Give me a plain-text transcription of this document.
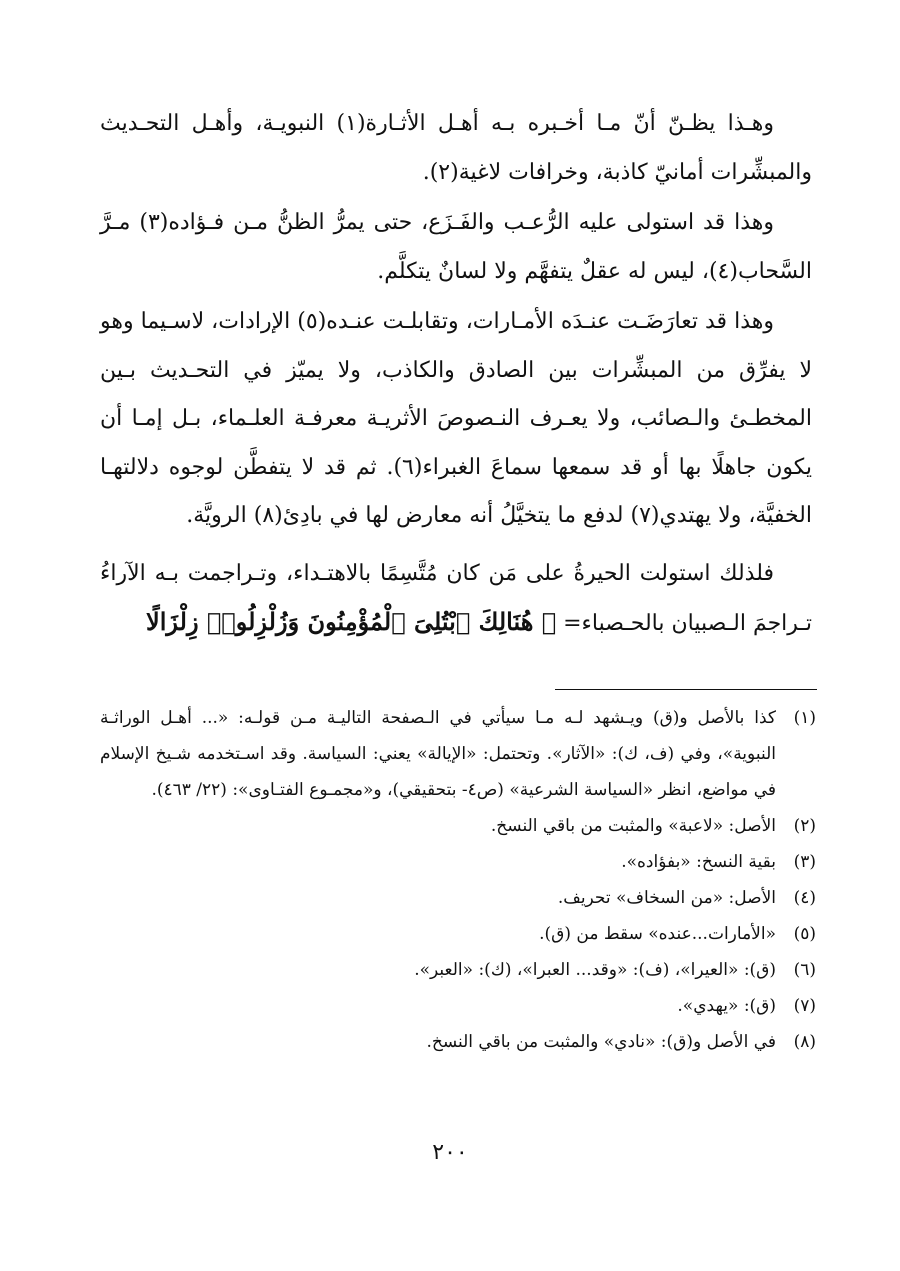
وهـذا يظـنّ أنّ مـا أخـبره بـه أهـل الأثـارة(١) النبويـة، وأهـل التحـديث والمبشِّرات أمانيّ كاذبة، وخرافات لاغية(٢).

وهذا قد استولى عليه الرُّعـب والفَـزَع، حتى يمرُّ الظنُّ مـن فـؤاده(٣) مـرَّ السَّحاب(٤)، ليس له عقلٌ يتفهَّم ولا لسانٌ يتكلَّم.

وهذا قد تعارَضَـت عنـدَه الأمـارات، وتقابلـت عنـده(٥) الإرادات، لاسـيما وهو لا يفرِّق من المبشِّرات بين الصادق والكاذب، ولا يميّز في التحـديث بـين المخطـئ والـصائب، ولا يعـرف النـصوصَ الأثريـة معرفـة العلـماء، بـل إمـا أن يكون جاهلًا بها أو قد سمعها سماعَ الغبراء(٦). ثم قد لا يتفطَّن لوجوه دلالتهـا الخفيَّة، ولا يهتدي(٧) لدفع ما يتخيَّلُ أنه معارض لها في بادِئ(٨) الرويَّة.

فلذلك استولت الحيرةُ على مَن كان مُتَّسِمًا بالاهتـداء، وتـراجمت بـه الآراءُ تـراجمَ الـصبيان بالحـصباء= ﴿ هُنَالِكَ ٱبْتُلِىَ ٱلْمُؤْمِنُونَ وَزُلْزِلُوا۟ زِلْزَالًا

(١)
كذا بالأصل و(ق) ويـشهد لـه مـا سيأتي في الـصفحة التاليـة مـن قولـه: «... أهـل الوراثـة النبوية»، وفي (ف، ك): «الآثار». وتحتمل: «الإيالة» يعني: السياسة. وقد اسـتخدمه شـيخ الإسلام في مواضع، انظر «السياسة الشرعية» (ص٤- بتحقيقي)، و«مجمـوع الفتـاوى»: (٢٢/ ٤٦٣).
(٢)
الأصل: «لاعبة» والمثبت من باقي النسخ.
(٣)
بقية النسخ: «بفؤاده».
(٤)
الأصل: «من السخاف» تحريف.
(٥)
«الأمارات...عنده» سقط من (ق).
(٦)
(ق): «العيرا»، (ف): «وقد... العبرا»، (ك): «العبر».
(٧)
(ق): «يهدي».
(٨)
في الأصل و(ق): «نادي» والمثبت من باقي النسخ.
٢٠٠
